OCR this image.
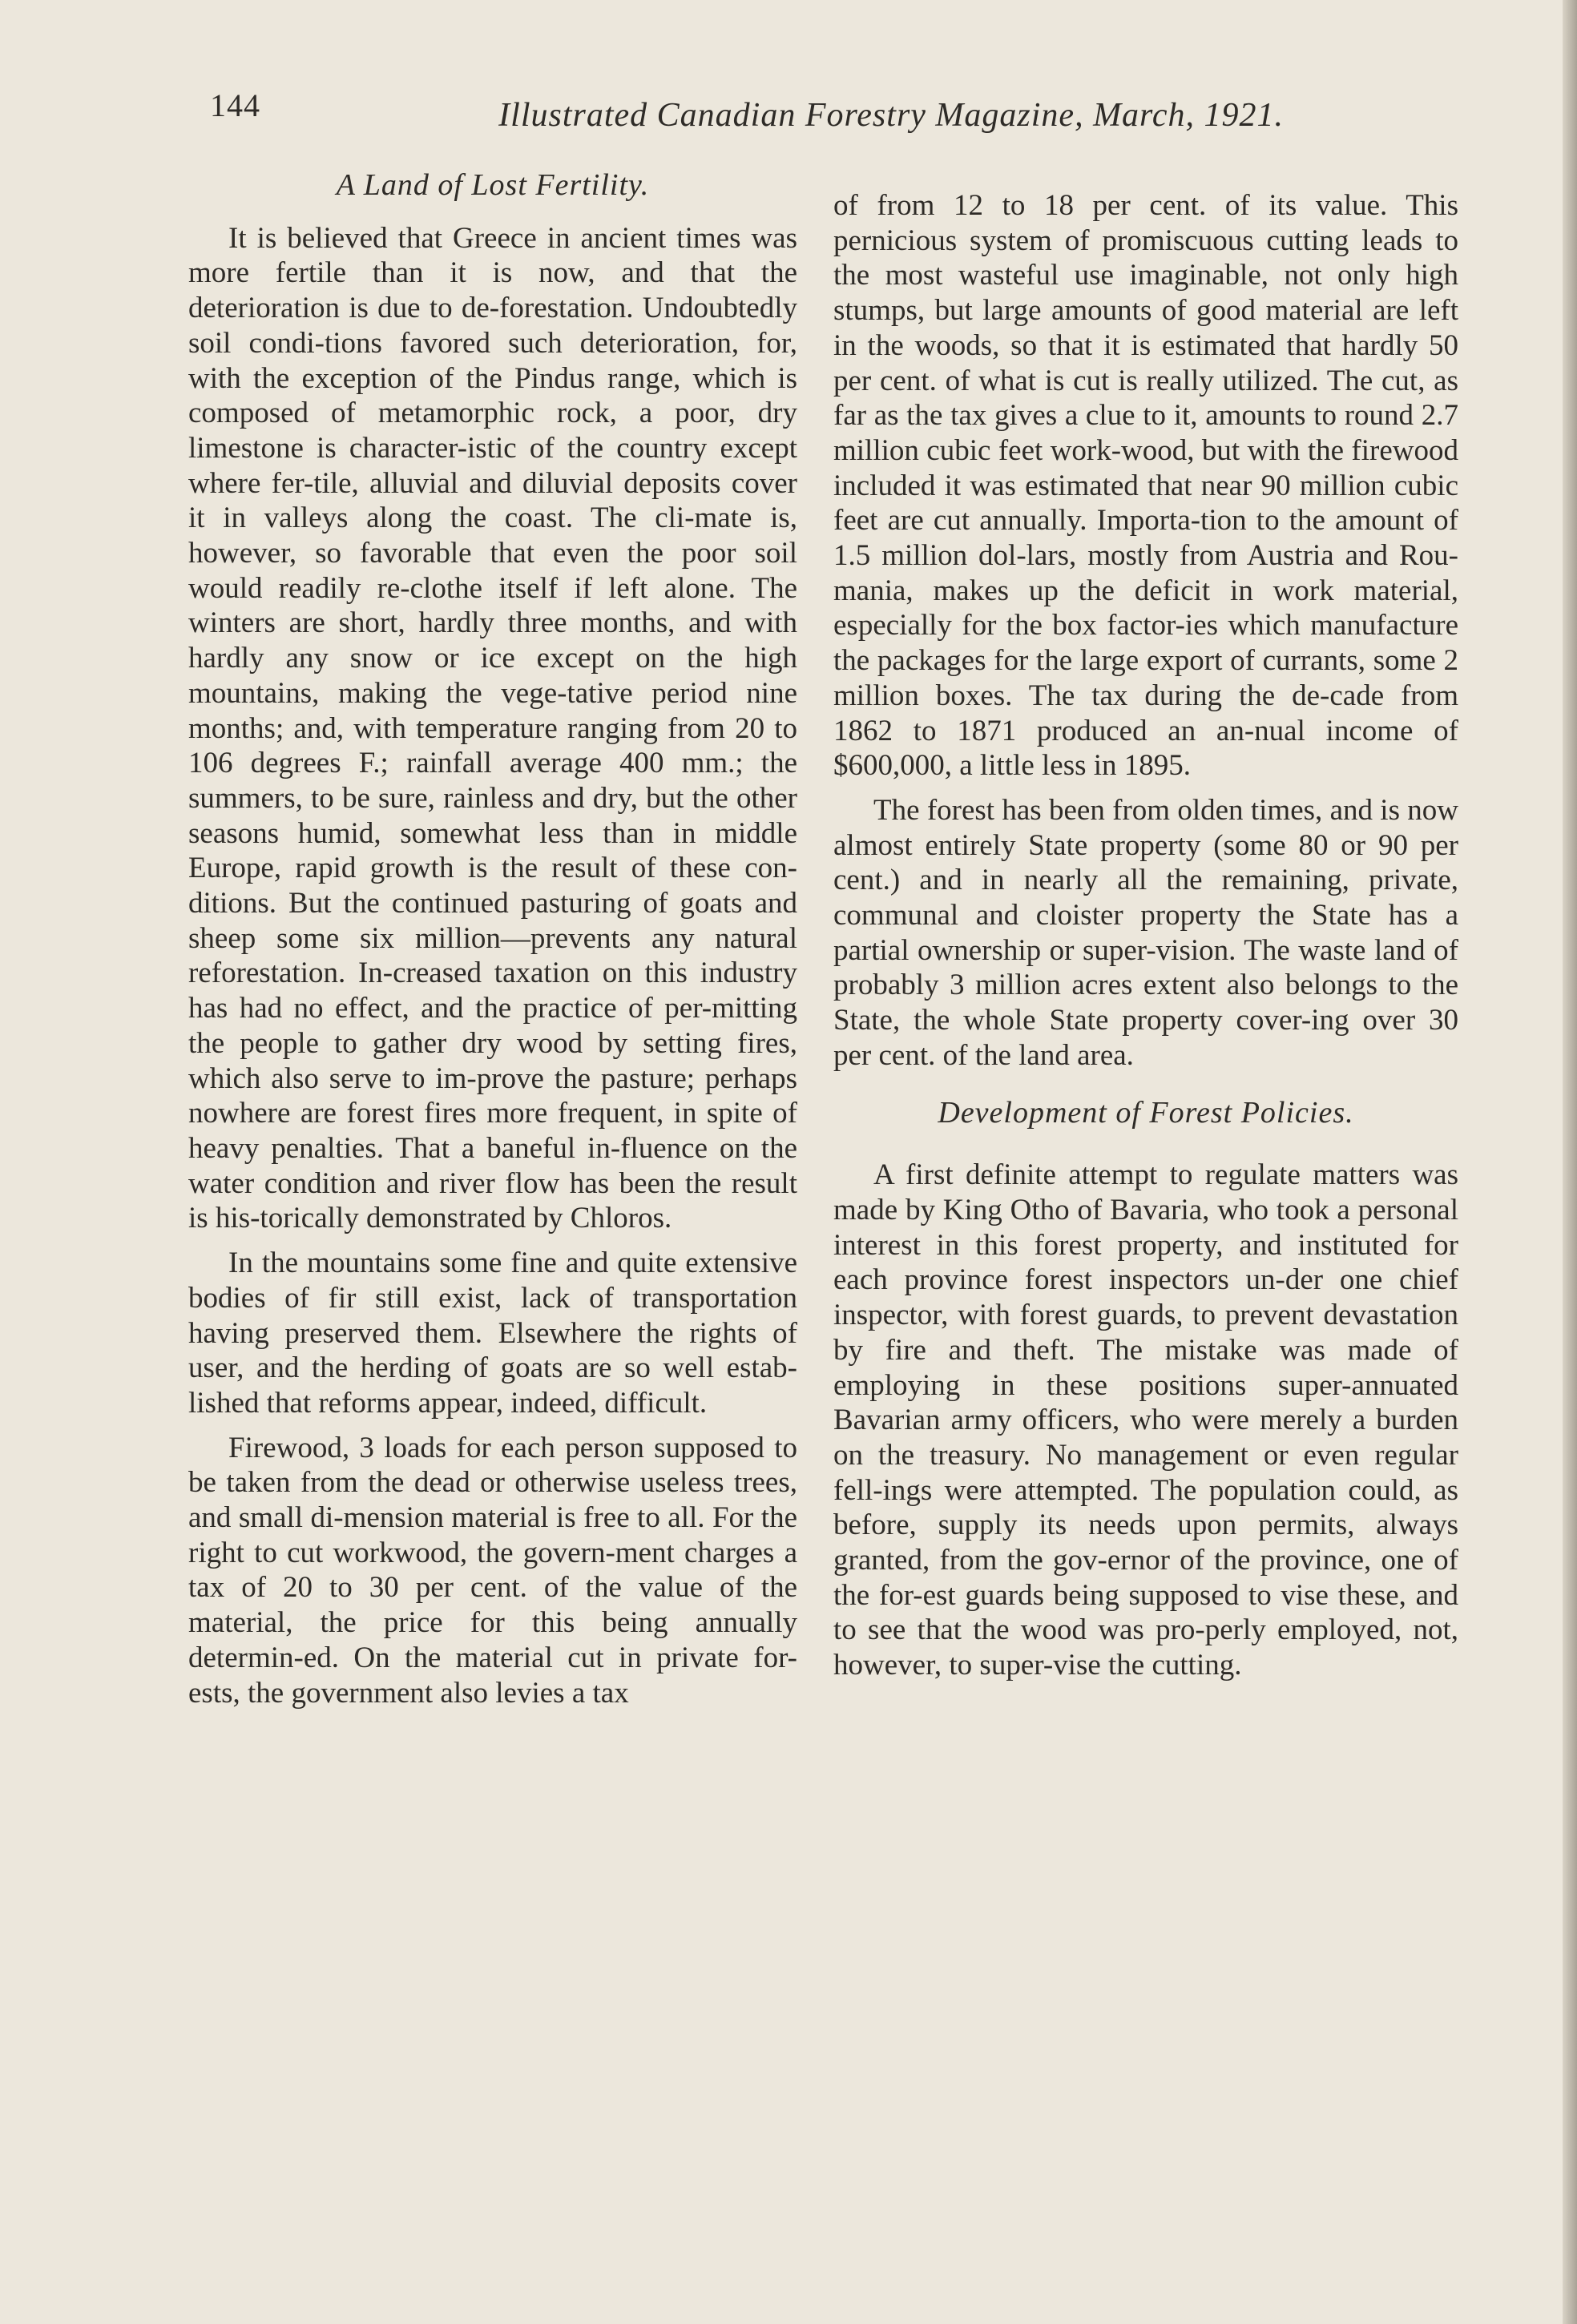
144	Illustrated Canadian Forestry Magazine, March, 1921.
A Land of Lost Fertility.

It is believed that Greece in ancient times was more fertile than it is now, and that the deterioration is due to de-forestation. Undoubtedly soil condi-tions favored such deterioration, for, with the exception of the Pindus range, which is composed of metamorphic rock, a poor, dry limestone is character-istic of the country except where fer-tile, alluvial and diluvial deposits cover it in valleys along the coast. The cli-mate is, however, so favorable that even the poor soil would readily re-clothe itself if left alone. The winters are short, hardly three months, and with hardly any snow or ice except on the high mountains, making the vege-tative period nine months; and, with temperature ranging from 20 to 106 degrees F.; rainfall average 400 mm.; the summers, to be sure, rainless and dry, but the other seasons humid, somewhat less than in middle Europe, rapid growth is the result of these con-ditions. But the continued pasturing of goats and sheep some six million—prevents any natural reforestation. In-creased taxation on this industry has had no effect, and the practice of per-mitting the people to gather dry wood by setting fires, which also serve to im-prove the pasture; perhaps nowhere are forest fires more frequent, in spite of heavy penalties. That a baneful in-fluence on the water condition and river flow has been the result is his-torically demonstrated by Chloros.

In the mountains some fine and quite extensive bodies of fir still exist, lack of transportation having preserved them. Elsewhere the rights of user, and the herding of goats are so well estab-lished that reforms appear, indeed, difficult.

Firewood, 3 loads for each person supposed to be taken from the dead or otherwise useless trees, and small di-mension material is free to all. For the right to cut workwood, the govern-ment charges a tax of 20 to 30 per cent. of the value of the material, the price for this being annually determin-ed. On the material cut in private for-ests, the government also levies a tax

of from 12 to 18 per cent. of its value. This pernicious system of promiscuous cutting leads to the most wasteful use imaginable, not only high stumps, but large amounts of good material are left in the woods, so that it is estimated that hardly 50 per cent. of what is cut is really utilized. The cut, as far as the tax gives a clue to it, amounts to round 2.7 million cubic feet work-wood, but with the firewood included it was estimated that near 90 million cubic feet are cut annually. Importa-tion to the amount of 1.5 million dol-lars, mostly from Austria and Rou-mania, makes up the deficit in work material, especially for the box factor-ies which manufacture the packages for the large export of currants, some 2 million boxes. The tax during the de-cade from 1862 to 1871 produced an an-nual income of $600,000, a little less in 1895.

The forest has been from olden times, and is now almost entirely State property (some 80 or 90 per cent.) and in nearly all the remaining, private, communal and cloister property the State has a partial ownership or super-vision. The waste land of probably 3 million acres extent also belongs to the State, the whole State property cover-ing over 30 per cent. of the land area.

Development of Forest Policies.

A first definite attempt to regulate matters was made by King Otho of Bavaria, who took a personal interest in this forest property, and instituted for each province forest inspectors un-der one chief inspector, with forest guards, to prevent devastation by fire and theft. The mistake was made of employing in these positions super-annuated Bavarian army officers, who were merely a burden on the treasury. No management or even regular fell-ings were attempted. The population could, as before, supply its needs upon permits, always granted, from the gov-ernor of the province, one of the for-est guards being supposed to vise these, and to see that the wood was pro-perly employed, not, however, to super-vise the cutting.
